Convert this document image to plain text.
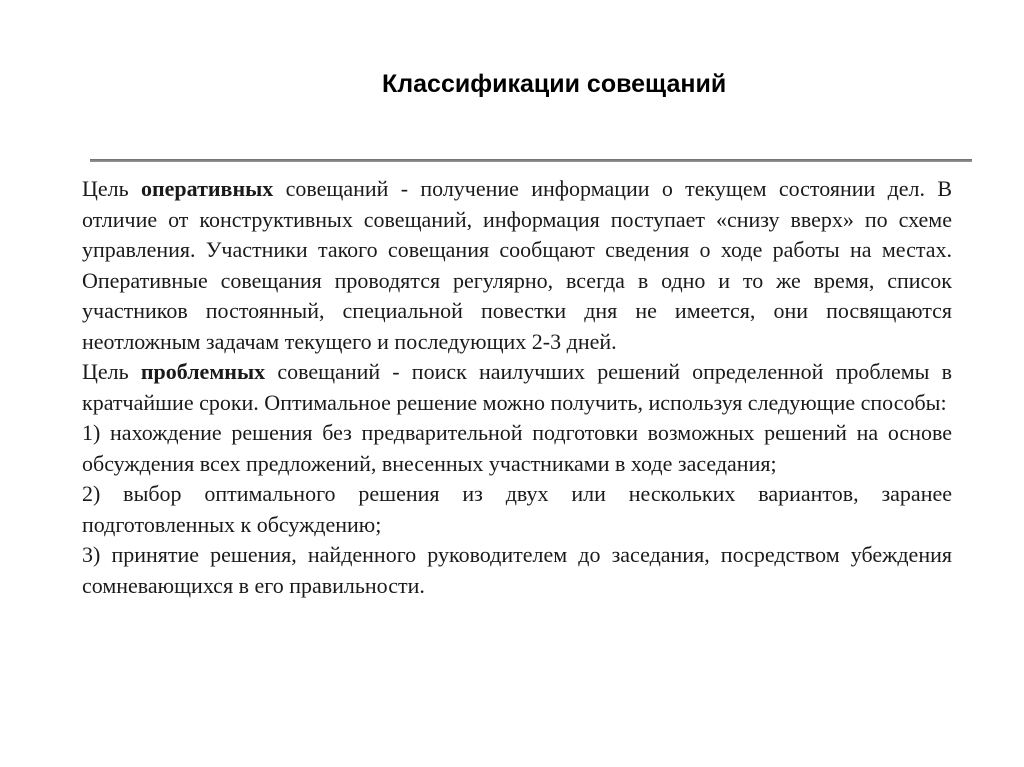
Классификации совещаний

Цель оперативных совещаний - получение информации о текущем состоянии дел. В отличие от конструктивных совещаний, информация поступает «снизу вверх» по схеме управления. Участники такого совещания сообщают сведения о ходе работы на местах. Оперативные совещания проводятся регулярно, всегда в одно и то же время, список участников постоянный, специальной повестки дня не имеется, они посвящаются неотложным задачам текущего и последующих 2-3 дней.

Цель проблемных совещаний - поиск наилучших решений определенной проблемы в кратчайшие сроки. Оптимальное решение можно получить, используя следующие способы:

1) нахождение решения без предварительной подготовки возможных решений на основе обсуждения всех предложений, внесенных участниками в ходе заседания;

2) выбор оптимального решения из двух или нескольких вариантов, заранее подготовленных к обсуждению;

3) принятие решения, найденного руководителем до заседания, посредством убеждения сомневающихся в его правильности.
